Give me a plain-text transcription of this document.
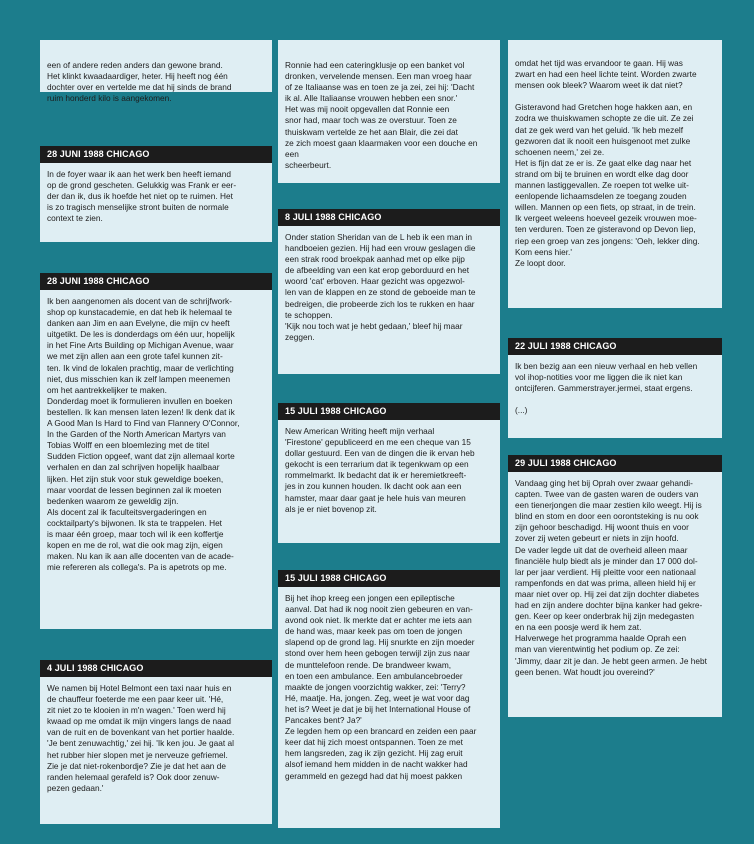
een of andere reden anders dan gewone brand.
Het klinkt kwaadaardiger, heter. Hij heeft nog één
dochter over en vertelde me dat hij sinds de brand
ruim honderd kilo is aangekomen.

28 JUNI 1988 CHICAGO

In de foyer waar ik aan het werk ben heeft iemand
op de grond gescheten. Gelukkig was Frank er eer-
der dan ik, dus ik hoefde het niet op te ruimen. Het
is zo tragisch menselijke stront buiten de normale
context te zien.

28 JUNI 1988 CHICAGO

Ik ben aangenomen als docent van de schrijfwork-
shop op kunstacademie, en dat heb ik helemaal te
danken aan Jim en aan Evelyne, die mijn cv heeft
uitgetikt. De les is donderdags om één uur, hopelijk
in het Fine Arts Building op Michigan Avenue, waar
we met zijn allen aan een grote tafel kunnen zit-
ten. Ik vind de lokalen prachtig, maar de verlichting
niet, dus misschien kan ik zelf lampen meenemen
om het aantrekkelijker te maken.
Donderdag moet ik formulieren invullen en boeken
bestellen. Ik kan mensen laten lezen! Ik denk dat ik
A Good Man Is Hard to Find van Flannery O'Connor,
In the Garden of the North American Martyrs van
Tobias Wolff en een bloemlezing met de titel
Sudden Fiction opgeef, want dat zijn allemaal korte
verhalen en dan zal schrijven hopelijk haalbaar
lijken. Het zijn stuk voor stuk geweldige boeken,
maar voordat de lessen beginnen zal ik moeten
bedenken waarom ze geweldig zijn.
Als docent zal ik faculteitsvergaderingen en
cocktailparty's bijwonen. Ik sta te trappelen. Het
is maar één groep, maar toch wil ik een koffertje
kopen en me de rol, wat die ook mag zijn, eigen
maken. Nu kan ik aan alle docenten van de acade-
mie refereren als collega's. Pa is apetrots op me.

4 JULI 1988 CHICAGO

We namen bij Hotel Belmont een taxi naar huis en
de chauffeur foeterde me een paar keer uit. 'Hé,
zit niet zo te klooien in m'n wagen.' Toen werd hij
kwaad op me omdat ik mijn vingers langs de naad
van de ruit en de bovenkant van het portier haalde.
'Je bent zenuwachtig,' zei hij. 'Ik ken jou. Je gaat al
het rubber hier slopen met je nerveuze gefriemel.
Zie je dat niet-rokenbordje? Zie je dat het aan de
randen helemaal gerafeld is? Ook door zenuw-
pezen gedaan.'

Ronnie had een cateringklusje op een banket vol
dronken, vervelende mensen. Een man vroeg haar
of ze Italiaanse was en toen ze ja zei, zei hij: 'Dacht
ik al. Alle Italiaanse vrouwen hebben een snor.'
Het was mij nooit opgevallen dat Ronnie een
snor had, maar toch was ze overstuur. Toen ze
thuiskwam vertelde ze het aan Blair, die zei dat
ze zich moest gaan klaarmaken voor een douche en een
scheerbeurt.

8 JULI 1988 CHICAGO

Onder station Sheridan van de L heb ik een man in
handboeien gezien. Hij had een vrouw geslagen die
een strak rood broekpak aanhad met op elke pijp
de afbeelding van een kat erop geborduurd en het
woord 'cat' erboven. Haar gezicht was opgezwol-
len van de klappen en ze stond de geboeide man te
bedreigen, die probeerde zich los te rukken en haar
te schoppen.
'Kijk nou toch wat je hebt gedaan,' bleef hij maar
zeggen.

15 JULI 1988 CHICAGO

New American Writing heeft mijn verhaal
'Firestone' gepubliceerd en me een cheque van 15
dollar gestuurd. Een van de dingen die ik ervan heb
gekocht is een terrarium dat ik tegenkwam op een
rommelmarkt. Ik bedacht dat ik er heremietkreeft-
jes in zou kunnen houden. Ik dacht ook aan een
hamster, maar daar gaat je hele huis van meuren
als je er niet bovenop zit.

15 JULI 1988 CHICAGO

Bij het ihop kreeg een jongen een epileptische
aanval. Dat had ik nog nooit zien gebeuren en van-
avond ook niet. Ik merkte dat er achter me iets aan
de hand was, maar keek pas om toen de jongen
slapend op de grond lag. Hij snurkte en zijn moeder
stond over hem heen gebogen terwijl zijn zus naar
de munttelefoon rende. De brandweer kwam,
en toen een ambulance. Een ambulancebroeder
maakte de jongen voorzichtig wakker, zei: 'Terry?
Hé, maatje. Ha, jongen. Zeg, weet je wat voor dag
het is? Weet je dat je bij het International House of
Pancakes bent? Ja?'
Ze legden hem op een brancard en zeiden een paar
keer dat hij zich moest ontspannen. Toen ze met
hem langsreden, zag ik zijn gezicht. Hij zag eruit
alsof iemand hem midden in de nacht wakker had
gerammeld en gezegd had dat hij moest pakken

omdat het tijd was ervandoor te gaan. Hij was
zwart en had een heel lichte teint. Worden zwarte
mensen ook bleek? Waarom weet ik dat niet?

Gisteravond had Gretchen hoge hakken aan, en
zodra we thuiskwamen schopte ze die uit. Ze zei
dat ze gek werd van het geluid. 'Ik heb mezelf
gezworen dat ik nooit een huisgenoot met zulke
schoenen neem,' zei ze.
Het is fijn dat ze er is. Ze gaat elke dag naar het
strand om bij te bruinen en wordt elke dag door
mannen lastiggevallen. Ze roepen tot welke uit-
eenlopende lichaamsdelen ze toegang zouden
willen. Mannen op een fiets, op straat, in de trein.
Ik vergeet weleens hoeveel gezeik vrouwen moe-
ten verduren. Toen ze gisteravond op Devon liep,
riep een groep van zes jongens: 'Oeh, lekker ding.
Kom eens hier.'
Ze loopt door.

22 JULI 1988 CHICAGO

Ik ben bezig aan een nieuw verhaal en heb vellen
vol ihop-notities voor me liggen die ik niet kan
ontcijferen. Gammerstrayer.jermei, staat ergens.

(...)

29 JULI 1988 CHICAGO

Vandaag ging het bij Oprah over zwaar gehandi-
capten. Twee van de gasten waren de ouders van
een tienerjongen die maar zestien kilo weegt. Hij is
blind en stom en door een oorontsteking is nu ook
zijn gehoor beschadigd. Hij woont thuis en voor
zover zij weten gebeurt er niets in zijn hoofd.
De vader legde uit dat de overheid alleen maar
financiële hulp biedt als je minder dan 17 000 dol-
lar per jaar verdient. Hij pleitte voor een nationaal
rampenfonds en dat was prima, alleen hield hij er
maar niet over op. Hij zei dat zijn dochter diabetes
had en zijn andere dochter bijna kanker had gekre-
gen. Keer op keer onderbrak hij zijn medegasten
en na een poosje werd ik hem zat.
Halverwege het programma haalde Oprah een
man van vierentwintig het podium op. Ze zei:
'Jimmy, daar zit je dan. Je hebt geen armen. Je hebt
geen benen. Wat houdt jou overeind?'
